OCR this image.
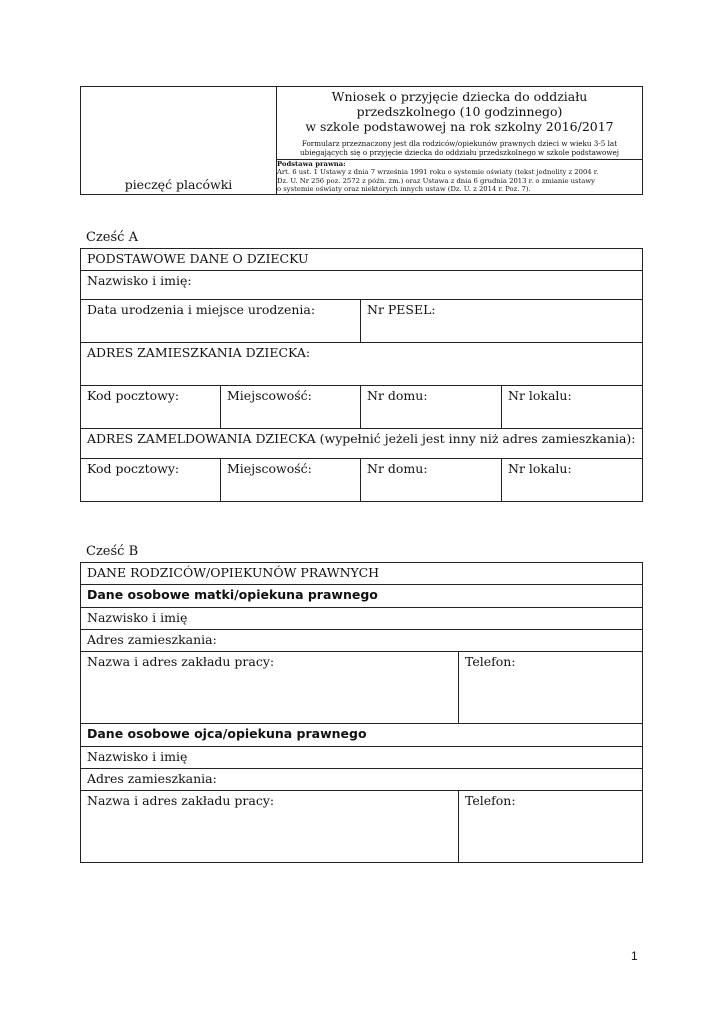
pieczęć placówki

Wniosek o przyjęcie dziecka do oddziału
przedszkolnego (10 godzinnego)
w szkole podstawowej na rok szkolny 2016/2017
Formularz przeznaczony jest dla rodziców/opiekunów prawnych dzieci w wieku 3-5 lat
ubiegających się o przyjęcie dziecka do oddziału przedszkolnego w szkole podstawowej

Podstawa prawna:
Art. 6 ust. 1 Ustawy z dnia 7 września 1991 roku o systemie oświaty (tekst jednolity z 2004 r.
Dz. U. Nr 256 poz. 2572 z późn. zm.) oraz Ustawa z dnia 6 grudnia 2013 r. o zmianie ustawy
o systemie oświaty oraz niektórych innych ustaw (Dz. U. z 2014 r. Poz. 7).
Cześć A
PODSTAWOWE DANE O DZIECKU			
Nazwisko i imię:			
Data urodzenia i miejsce urodzenia:		Nr PESEL:	
ADRES ZAMIESZKANIA DZIECKA:			
Kod pocztowy:	Miejscowość:	Nr domu:	Nr lokalu:
ADRES ZAMELDOWANIA DZIECKA (wypełnić jeżeli jest inny niż adres zamieszkania):			
Kod pocztowy:	Miejscowość:	Nr domu:	Nr lokalu:
Cześć B
DANE RODZICÓW/OPIEKUNÓW PRAWNYCH	
Dane osobowe matki/opiekuna prawnego	
Nazwisko i imię	
Adres zamieszkania:	
Nazwa i adres zakładu pracy:	Telefon:
Dane osobowe ojca/opiekuna prawnego	
Nazwisko i imię	
Adres zamieszkania:	
Nazwa i adres zakładu pracy:	Telefon:
1
